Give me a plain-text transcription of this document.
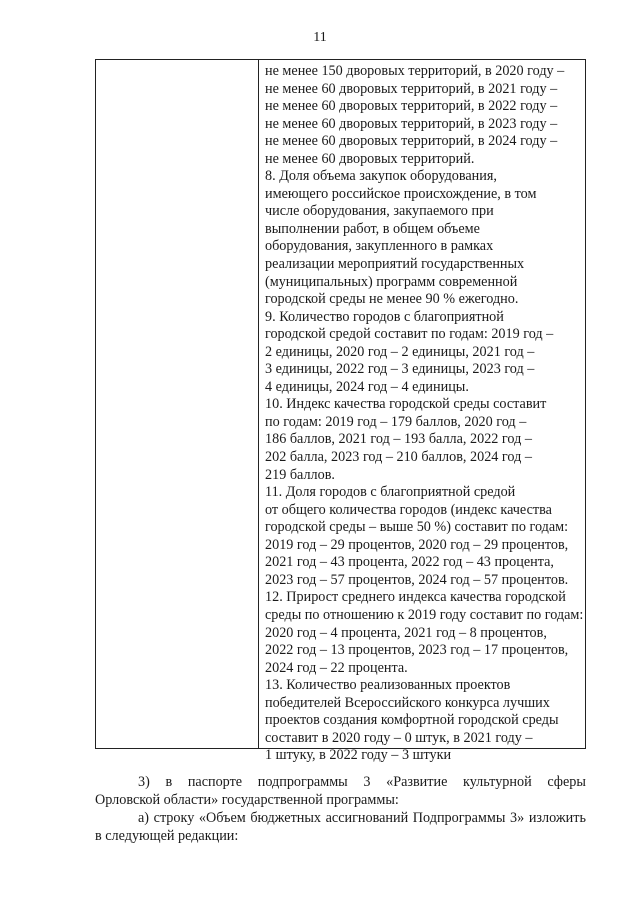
11
не менее 150 дворовых территорий, в 2020 году –
не менее 60 дворовых территорий, в 2021 году –
не менее 60 дворовых территорий, в 2022 году –
не менее 60 дворовых территорий, в 2023 году –
не менее 60 дворовых территорий, в 2024 году –
не менее 60 дворовых территорий.
8. Доля объема закупок оборудования,
имеющего российское происхождение, в том
числе оборудования, закупаемого при
выполнении работ, в общем объеме
оборудования, закупленного в рамках
реализации мероприятий государственных
(муниципальных) программ современной
городской среды не менее 90 % ежегодно.
9. Количество городов с благоприятной
городской средой составит по годам: 2019 год –
2 единицы, 2020 год – 2 единицы, 2021 год –
3 единицы, 2022 год – 3 единицы, 2023 год –
4 единицы, 2024 год – 4 единицы.
10. Индекс качества городской среды составит
по годам: 2019 год – 179 баллов, 2020 год –
186 баллов, 2021 год – 193 балла, 2022 год –
202 балла, 2023 год – 210 баллов, 2024 год –
219 баллов.
11. Доля городов с благоприятной средой
от общего количества городов (индекс качества
городской среды – выше 50 %) составит по годам:
2019 год – 29 процентов, 2020 год – 29 процентов,
2021 год – 43 процента, 2022 год – 43 процента,
2023 год – 57 процентов, 2024 год – 57 процентов.
12. Прирост среднего индекса качества городской
среды по отношению к 2019 году составит по годам:
2020 год – 4 процента, 2021 год – 8 процентов,
2022 год – 13 процентов, 2023 год – 17 процентов,
2024 год – 22 процента.
13. Количество реализованных проектов
победителей Всероссийского конкурса лучших
проектов создания комфортной городской среды
составит в 2020 году – 0 штук, в 2021 году –
1 штуку, в 2022 году – 3 штуки
3) в паспорте подпрограммы 3 «Развитие культурной сферы
Орловской области» государственной программы:
а) строку «Объем бюджетных ассигнований Подпрограммы 3» изложить
в следующей редакции:
